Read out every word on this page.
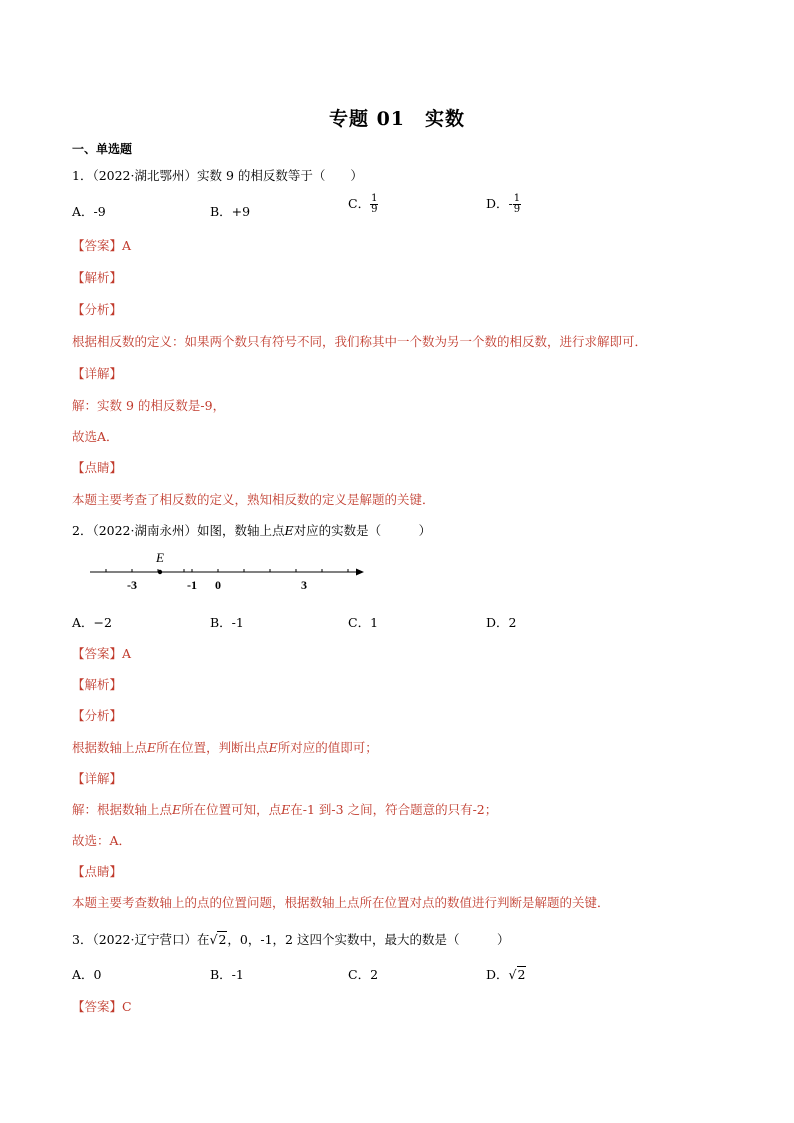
专题 01　实数
一、单选题
1．（2022·湖北鄂州）实数 9 的相反数等于（　　）
A．-9	B．+9
C． $\frac{1}{9}$	D．- $\frac{1}{9}$
【答案】A
【解析】
【分析】
根据相反数的定义：如果两个数只有符号不同，我们称其中一个数为另一个数的相反数，进行求解即可．
【详解】
解：实数 9 的相反数是-9，
故选A．
【点睛】
本题主要考查了相反数的定义，熟知相反数的定义是解题的关键．
2．（2022·湖南永州）如图，数轴上点E对应的实数是（　　　）
E
-3	-1 0	3
A．−2	B．-1	C．1	D．2
【答案】A
【解析】
【分析】
根据数轴上点E所在位置，判断出点E所对应的值即可；
【详解】
解：根据数轴上点E所在位置可知，点E在-1 到-3 之间，符合题意的只有-2；
故选：A．
【点睛】
本题主要考查数轴上的点的位置问题，根据数轴上点所在位置对点的数值进行判断是解题的关键．
3．（2022·辽宁营口）在√2，0，-1，2 这四个实数中，最大的数是（　　　）
A．0	B．-1	C．2	D．√2
【答案】C
